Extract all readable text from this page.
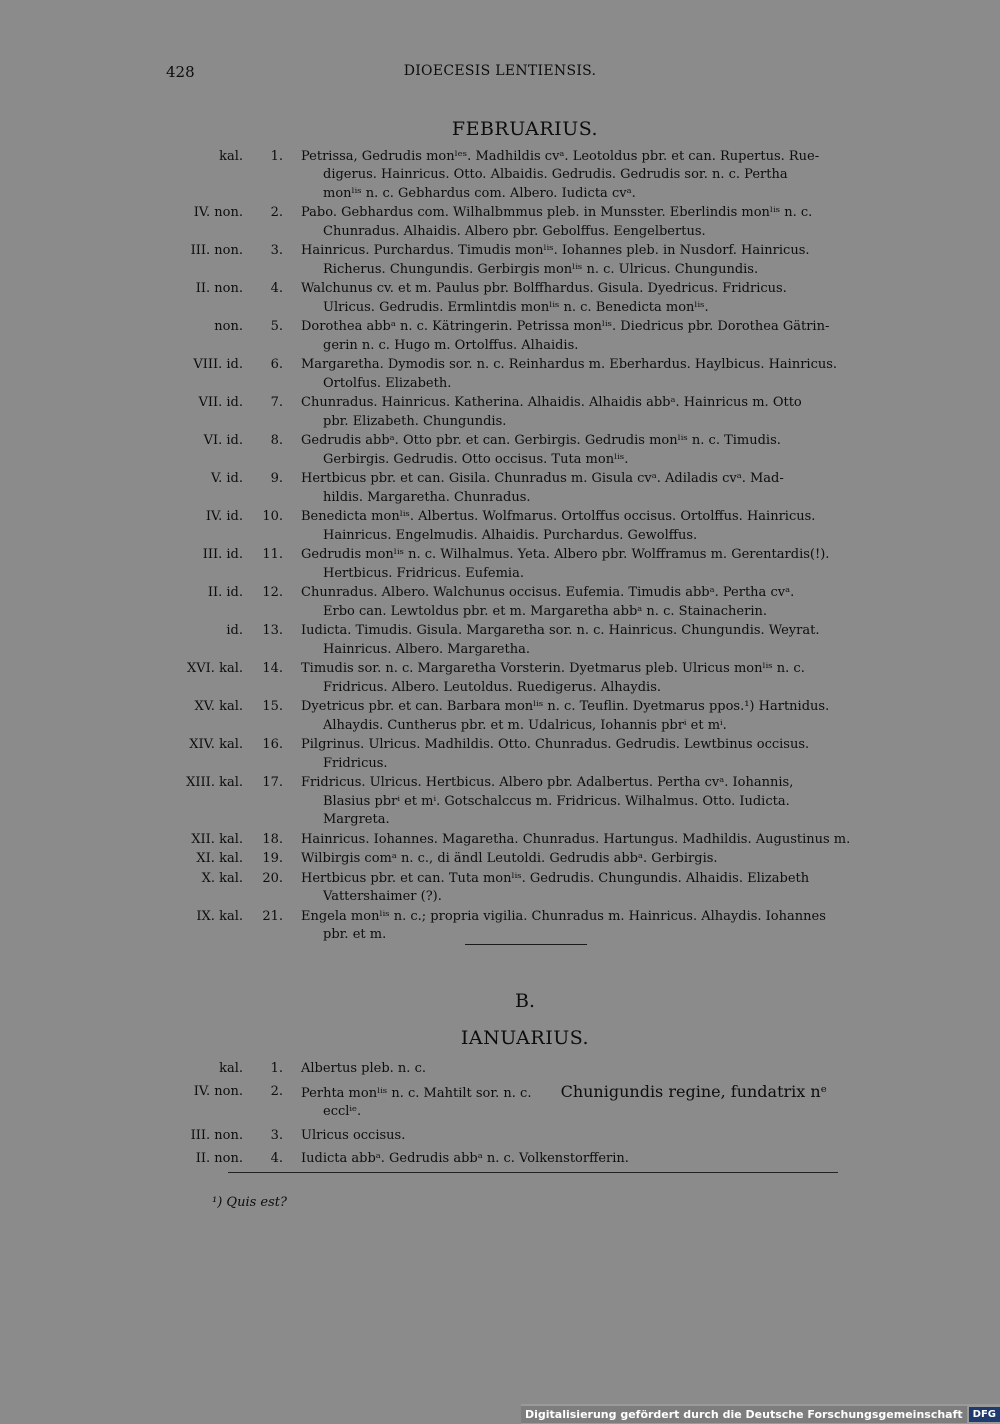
428	DIOECESIS LENTIENSIS.
FEBRUARIUS.
kal. 1. Petrissa, Gedrudis monˡᵉˢ. Madhildis cvᵃ. Leotoldus pbr. et can. Rupertus. Rue-
digerus. Hainricus. Otto. Albaidis. Gedrudis. Gedrudis sor. n. c. Pertha
monˡⁱˢ n. c. Gebhardus com. Albero. Iudicta cvᵃ.
IV. non. 2. Pabo. Gebhardus com. Wilhalbmmus pleb. in Munsster. Eberlindis monˡⁱˢ n. c.
Chunradus. Alhaidis. Albero pbr. Gebolffus. Eengelbertus.
III. non. 3. Hainricus. Purchardus. Timudis monˡⁱˢ. Iohannes pleb. in Nusdorf. Hainricus.
Richerus. Chungundis. Gerbirgis monˡⁱˢ n. c. Ulricus. Chungundis.
II. non. 4. Walchunus cv. et m. Paulus pbr. Bolffhardus. Gisula. Dyedricus. Fridricus.
Ulricus. Gedrudis. Ermlintdis monˡⁱˢ n. c. Benedicta monˡⁱˢ.
non. 5. Dorothea abbᵃ n. c. Kätringerin. Petrissa monˡⁱˢ. Diedricus pbr. Dorothea Gätrin-
gerin n. c. Hugo m. Ortolffus. Alhaidis.
VIII. id. 6. Margaretha. Dymodis sor. n. c. Reinhardus m. Eberhardus. Haylbicus. Hainricus.
Ortolfus. Elizabeth.
VII. id. 7. Chunradus. Hainricus. Katherina. Alhaidis. Alhaidis abbᵃ. Hainricus m. Otto
pbr. Elizabeth. Chungundis.
VI. id. 8. Gedrudis abbᵃ. Otto pbr. et can. Gerbirgis. Gedrudis monˡⁱˢ n. c. Timudis.
Gerbirgis. Gedrudis. Otto occisus. Tuta monˡⁱˢ.
V. id. 9. Hertbicus pbr. et can. Gisila. Chunradus m. Gisula cvᵃ. Adiladis cvᵃ. Mad-
hildis. Margaretha. Chunradus.
IV. id. 10. Benedicta monˡⁱˢ. Albertus. Wolfmarus. Ortolffus occisus. Ortolffus. Hainricus.
Hainricus. Engelmudis. Alhaidis. Purchardus. Gewolffus.
III. id. 11. Gedrudis monˡⁱˢ n. c. Wilhalmus. Yeta. Albero pbr. Wolfframus m. Gerentardis(!).
Hertbicus. Fridricus. Eufemia.
II. id. 12. Chunradus. Albero. Walchunus occisus. Eufemia. Timudis abbᵃ. Pertha cvᵃ.
Erbo can. Lewtoldus pbr. et m. Margaretha abbᵃ n. c. Stainacherin.
id. 13. Iudicta. Timudis. Gisula. Margaretha sor. n. c. Hainricus. Chungundis. Weyrat.
Hainricus. Albero. Margaretha.
XVI. kal. 14. Timudis sor. n. c. Margaretha Vorsterin. Dyetmarus pleb. Ulricus monˡⁱˢ n. c.
Fridricus. Albero. Leutoldus. Ruedigerus. Alhaydis.
XV. kal. 15. Dyetricus pbr. et can. Barbara monˡⁱˢ n. c. Teuflin. Dyetmarus ppos.¹) Hartnidus.
Alhaydis. Cuntherus pbr. et m. Udalricus, Iohannis pbrⁱ et mⁱ.
XIV. kal. 16. Pilgrinus. Ulricus. Madhildis. Otto. Chunradus. Gedrudis. Lewtbinus occisus.
Fridricus.
XIII. kal. 17. Fridricus. Ulricus. Hertbicus. Albero pbr. Adalbertus. Pertha cvᵃ. Iohannis,
Blasius pbrⁱ et mⁱ. Gotschalccus m. Fridricus. Wilhalmus. Otto. Iudicta.
Margreta.
XII. kal. 18. Hainricus. Iohannes. Magaretha. Chunradus. Hartungus. Madhildis. Augustinus m.
XI. kal. 19. Wilbirgis comᵃ n. c., di ändl Leutoldi. Gedrudis abbᵃ. Gerbirgis.
X. kal. 20. Hertbicus pbr. et can. Tuta monˡⁱˢ. Gedrudis. Chungundis. Alhaidis. Elizabeth
Vattershaimer (?).
IX. kal. 21. Engela monˡⁱˢ n. c.; propria vigilia. Chunradus m. Hainricus. Alhaydis. Iohannes
pbr. et m.
B.
IANUARIUS.
kal. 1. Albertus pleb. n. c.
IV. non. 2. Perhta monˡⁱˢ n. c. Mahtilt sor. n. c. Chunigundis regine, fundatrix nᵉ
ecclⁱᵉ.
III. non. 3. Ulricus occisus.
II. non. 4. Iudicta abbᵃ. Gedrudis abbᵃ n. c. Volkenstorfferin.
¹) Quis est?
Digitalisierung gefördert durch die Deutsche Forschungsgemeinschaft	DFG
